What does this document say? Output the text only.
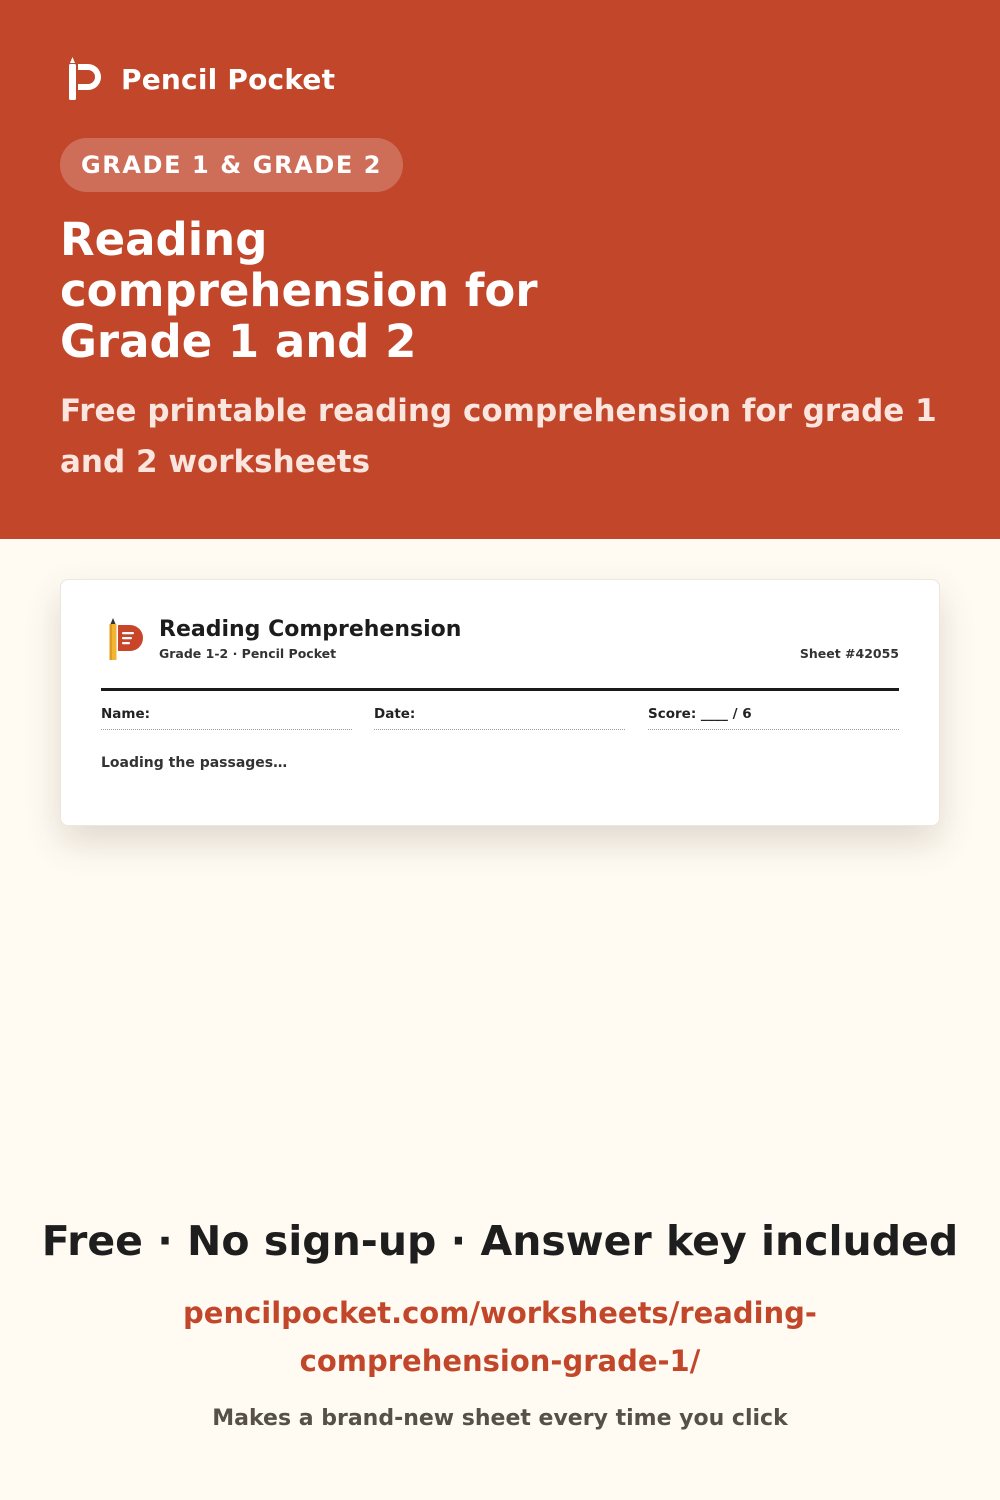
Pencil Pocket
GRADE 1 & GRADE 2
Reading comprehension for Grade 1 and 2

Free printable reading comprehension for grade 1 and 2 worksheets

Reading Comprehension
Grade 1-2 · Pencil Pocket	Sheet #42055
Name:	Date:	Score: ____ / 6
Loading the passages…
Free · No sign-up · Answer key included
pencilpocket.com/worksheets/reading-comprehension-grade-1/
Makes a brand-new sheet every time you click
